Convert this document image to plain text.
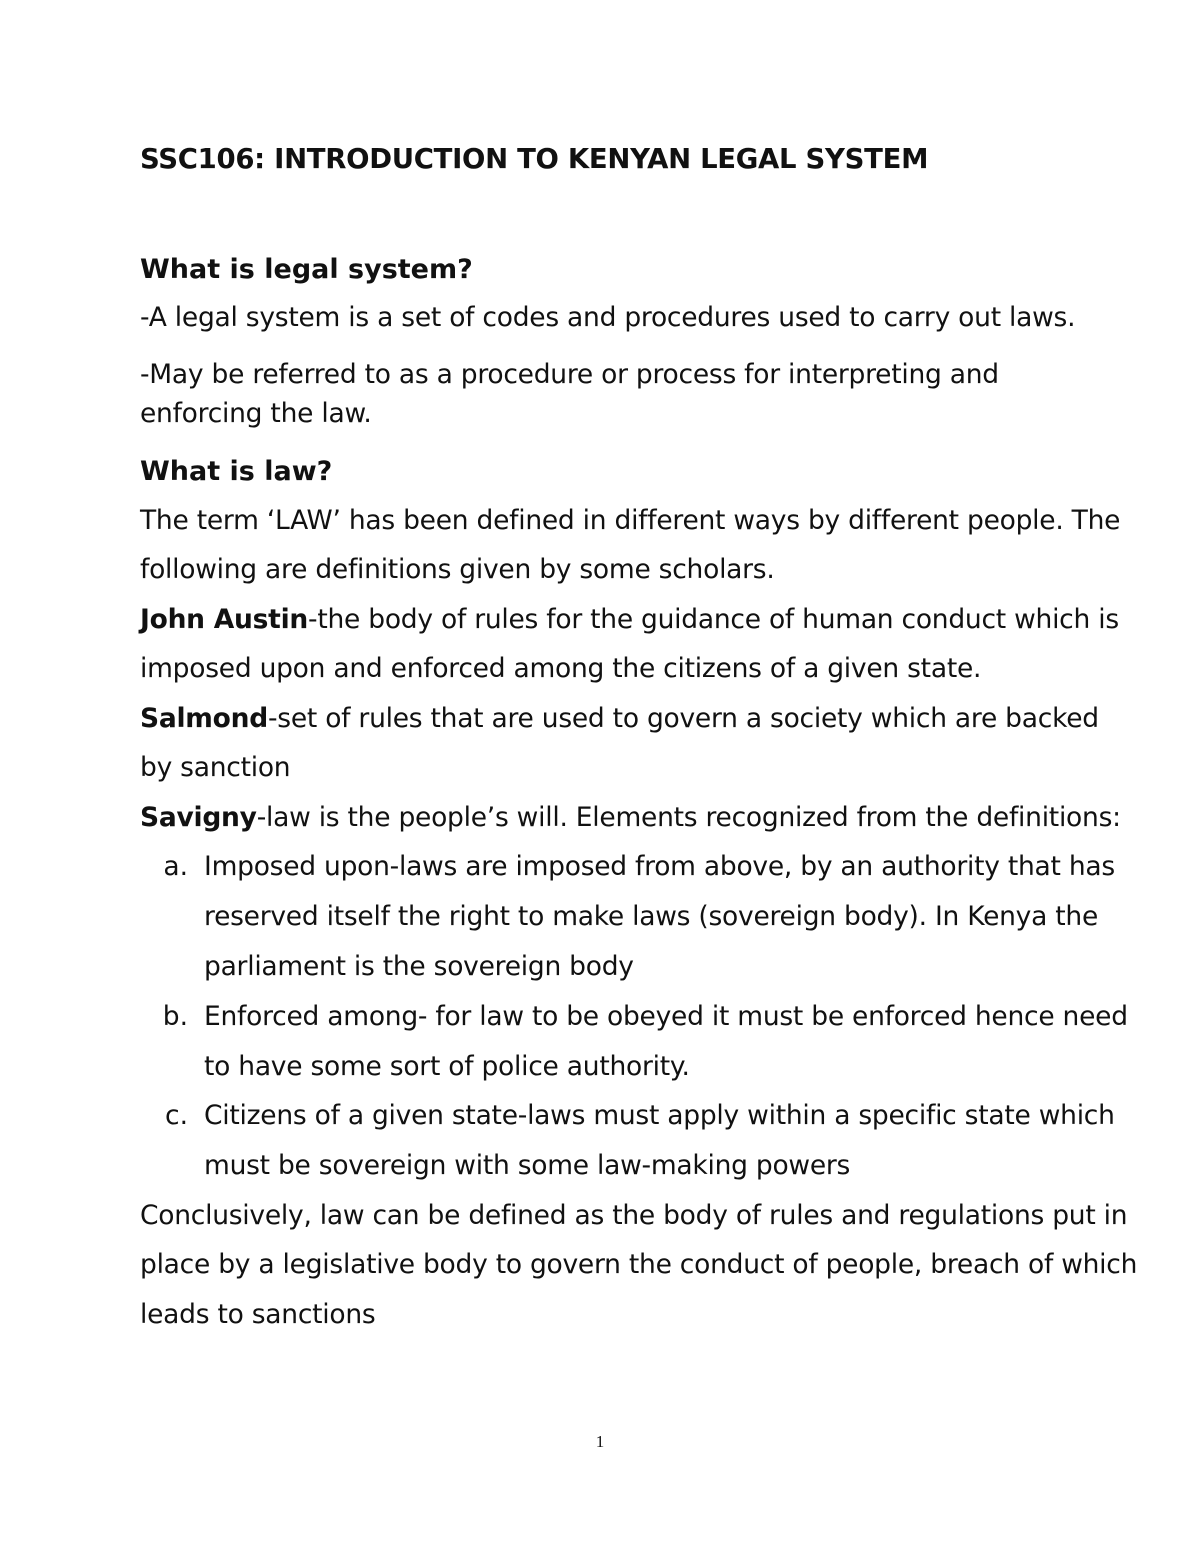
SSC106: INTRODUCTION TO KENYAN LEGAL SYSTEM
What is legal system?
-A legal system is a set of codes and procedures used to carry out laws.
-May be referred to as a procedure or process for interpreting and
enforcing the law.
What is law?
The term ‘LAW’ has been defined in different ways by different people. The
following are definitions given by some scholars.
John Austin-the body of rules for the guidance of human conduct which is
imposed upon and enforced among the citizens of a given state.
Salmond-set of rules that are used to govern a society which are backed
by sanction
Savigny-law is the people’s will. Elements recognized from the definitions:
a. Imposed upon-laws are imposed from above, by an authority that has
reserved itself the right to make laws (sovereign body). In Kenya the
parliament is the sovereign body
b. Enforced among- for law to be obeyed it must be enforced hence need
to have some sort of police authority.
c. Citizens of a given state-laws must apply within a specific state which
must be sovereign with some law-making powers
Conclusively, law can be defined as the body of rules and regulations put in
place by a legislative body to govern the conduct of people, breach of which
leads to sanctions
1
